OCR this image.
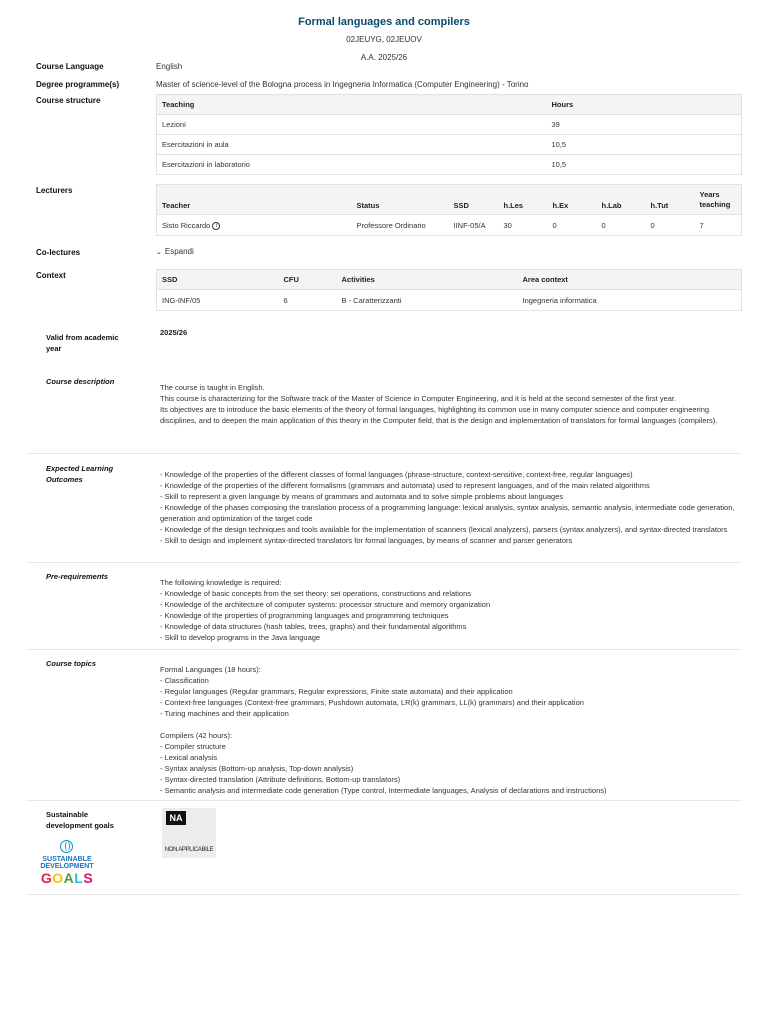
Formal languages and compilers
02JEUYG, 02JEUOV
A.A. 2025/26
Course Language	English
Degree programme(s)	Master of science-level of the Bologna process in Ingegneria Informatica (Computer Engineering) - Torino
Course structure	Teaching	Hours
Lezioni	39
Esercitazioni in aula	10,5
Esercitazioni in laboratorio	10,5
Lecturers
Teacher	Status	SSD	h.Les	h.Ex	h.Lab	h.Tut	Years
teaching
Sisto Riccardo i	Professore Ordinario	IINF-05/A	30	0	0	0	7
Co-lectures	⌄ Espandi
Context	SSD	CFU	Activities	Area context
ING-INF/05	6	B - Caratterizzanti	Ingegneria informatica
Valid from academic year
2025/26
Course description
The course is taught in English.
This course is characterizing for the Software track of the Master of Science in Computer Engineering, and it is held at the second semester of the first year.
Its objectives are to introduce the basic elements of the theory of formal languages, highlighting its common use in many computer science and computer engineering disciplines, and to deepen the main application of this theory in the Computer field, that is the design and implementation of translators for formal languages (compilers).
Expected Learning Outcomes
- Knowledge of the properties of the different classes of formal languages (phrase-structure, context-sensitive, context-free, regular languages)
- Knowledge of the properties of the different formalisms (grammars and automata) used to represent languages, and of the main related algorithms
- Skill to represent a given language by means of grammars and automata and to solve simple problems about languages
- Knowledge of the phases composing the translation process of a programming language: lexical analysis, syntax analysis, semantic analysis, intermediate code generation, generation and optimization of the target code
- Knowledge of the design techniques and tools available for the implementation of scanners (lexical analyzers), parsers (syntax analyzers), and syntax-directed translators
- Skill to design and implement syntax-directed translators for formal languages, by means of scanner and parser generators
Pre-requirements
The following knowledge is required:
- Knowledge of basic concepts from the set theory: set operations, constructions and relations
- Knowledge of the architecture of computer systems: processor structure and memory organization
- Knowledge of the properties of programming languages and programming techniques
- Knowledge of data structures (hash tables, trees, graphs) and their fundamental algorithms
- Skill to develop programs in the Java language
Course topics
Formal Languages (18 hours):
- Classification
- Regular languages (Regular grammars, Regular expressions, Finite state automata) and their application
- Context-free languages (Context-free grammars, Pushdown automata, LR(k) grammars, LL(k) grammars) and their application
- Turing machines and their application
Compilers (42 hours):
- Compiler structure
- Lexical analysis
- Syntax analysis (Bottom-up analysis, Top-down analysis)
- Syntax-directed translation (Attribute definitions, Bottom-up translators)
- Semantic analysis and intermediate code generation (Type control, Intermediate languages, Analysis of declarations and instructions)
Sustainable development goals
SUSTAINABLE
DEVELOPMENT
GOALS
NA
NON APPLICABILE
